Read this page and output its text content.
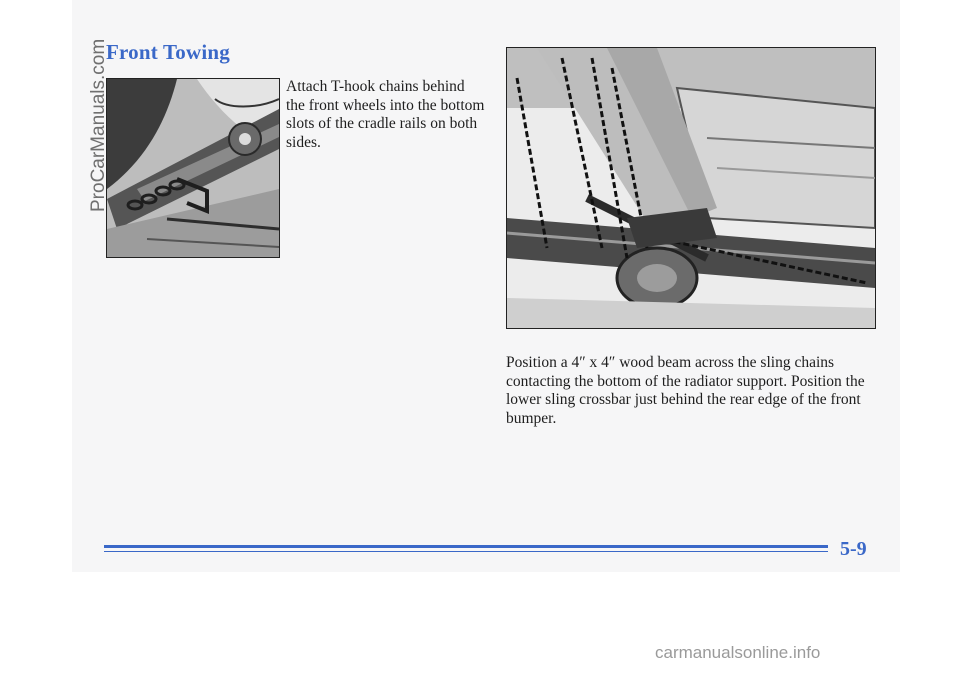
Front Towing

Attach T-hook chains behind the front wheels into the bottom slots of the cradle rails on both sides.

Position a 4″ x 4″ wood beam across the sling chains contacting the bottom of the radiator support. Position the lower sling crossbar just behind the rear edge of the front bumper.

5-9

ProCarManuals.com
carmanualsonline.info
